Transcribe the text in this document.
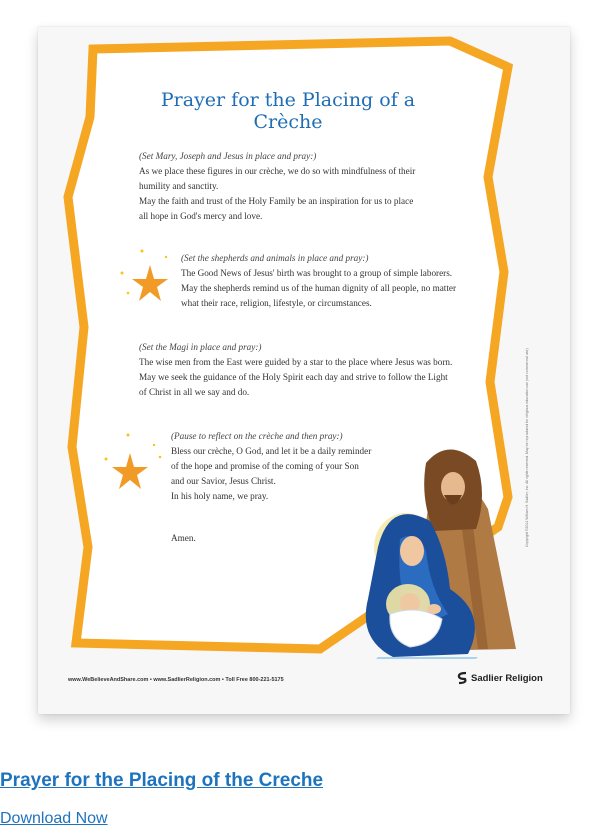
Prayer for the Placing of a Crèche

(Set Mary, Joseph and Jesus in place and pray:)

As we place these figures in our crèche, we do so with mindfulness of their

humility and sanctity.

May the faith and trust of the Holy Family be an inspiration for us to place

all hope in God's mercy and love.

(Set the shepherds and animals in place and pray:)

The Good News of Jesus' birth was brought to a group of simple laborers.

May the shepherds remind us of the human dignity of all people, no matter

what their race, religion, lifestyle, or circumstances.

(Set the Magi in place and pray:)

The wise men from the East were guided by a star to the place where Jesus was born.

May we seek the guidance of the Holy Spirit each day and strive to follow the Light

of Christ in all we say and do.

(Pause to reflect on the crèche and then pray:)

Bless our crèche, O God, and let it be a daily reminder

of the hope and promise of the coming of your Son

and our Savior, Jesus Christ.

In his holy name, we pray.

Amen.	Copyright ©2014 William H. Sadlier, Inc. All rights reserved. May be reproduced for religious education use (not commercial use)
www.WeBelieveAndShare.com • www.SadlierReligion.com • Toll Free 800-221-5175	Sadlier Religion
Prayer for the Placing of the Creche
Download Now
